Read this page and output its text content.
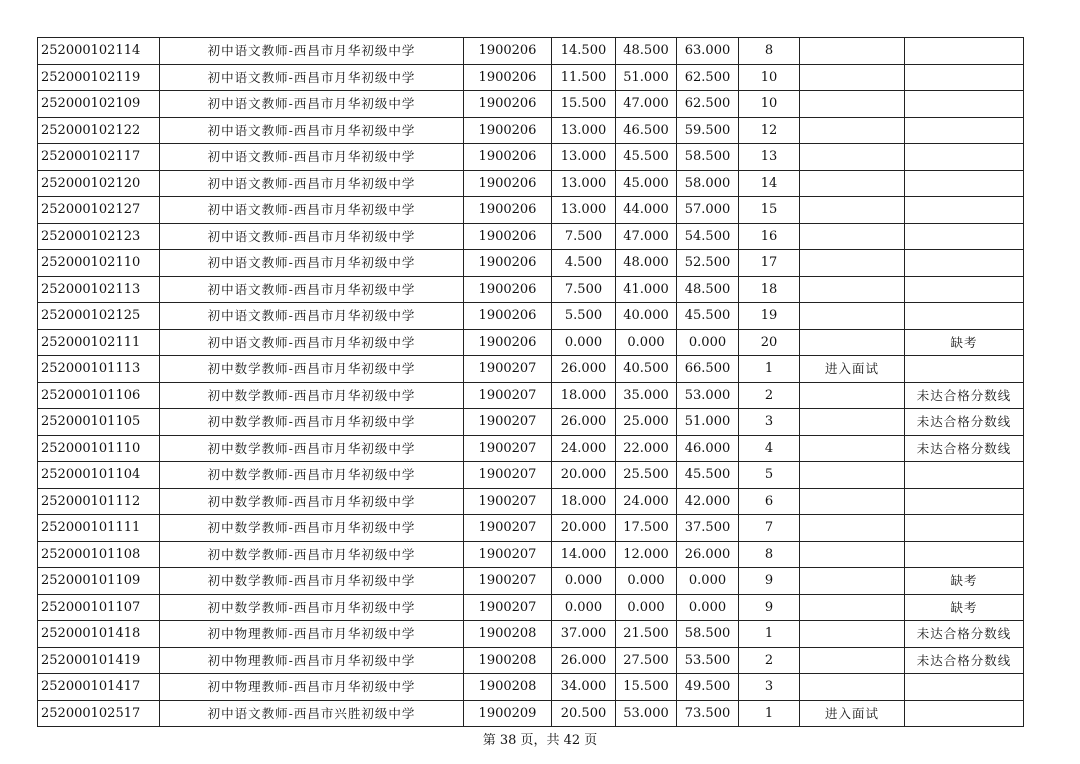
252000102114	初中语文教师-西昌市月华初级中学	1900206	14.500	48.500	63.000	8		
252000102119	初中语文教师-西昌市月华初级中学	1900206	11.500	51.000	62.500	10		
252000102109	初中语文教师-西昌市月华初级中学	1900206	15.500	47.000	62.500	10		
252000102122	初中语文教师-西昌市月华初级中学	1900206	13.000	46.500	59.500	12		
252000102117	初中语文教师-西昌市月华初级中学	1900206	13.000	45.500	58.500	13		
252000102120	初中语文教师-西昌市月华初级中学	1900206	13.000	45.000	58.000	14		
252000102127	初中语文教师-西昌市月华初级中学	1900206	13.000	44.000	57.000	15		
252000102123	初中语文教师-西昌市月华初级中学	1900206	7.500	47.000	54.500	16		
252000102110	初中语文教师-西昌市月华初级中学	1900206	4.500	48.000	52.500	17		
252000102113	初中语文教师-西昌市月华初级中学	1900206	7.500	41.000	48.500	18		
252000102125	初中语文教师-西昌市月华初级中学	1900206	5.500	40.000	45.500	19		
252000102111	初中语文教师-西昌市月华初级中学	1900206	0.000	0.000	0.000	20		缺考
252000101113	初中数学教师-西昌市月华初级中学	1900207	26.000	40.500	66.500	1	进入面试	
252000101106	初中数学教师-西昌市月华初级中学	1900207	18.000	35.000	53.000	2		未达合格分数线
252000101105	初中数学教师-西昌市月华初级中学	1900207	26.000	25.000	51.000	3		未达合格分数线
252000101110	初中数学教师-西昌市月华初级中学	1900207	24.000	22.000	46.000	4		未达合格分数线
252000101104	初中数学教师-西昌市月华初级中学	1900207	20.000	25.500	45.500	5		
252000101112	初中数学教师-西昌市月华初级中学	1900207	18.000	24.000	42.000	6		
252000101111	初中数学教师-西昌市月华初级中学	1900207	20.000	17.500	37.500	7		
252000101108	初中数学教师-西昌市月华初级中学	1900207	14.000	12.000	26.000	8		
252000101109	初中数学教师-西昌市月华初级中学	1900207	0.000	0.000	0.000	9		缺考
252000101107	初中数学教师-西昌市月华初级中学	1900207	0.000	0.000	0.000	9		缺考
252000101418	初中物理教师-西昌市月华初级中学	1900208	37.000	21.500	58.500	1		未达合格分数线
252000101419	初中物理教师-西昌市月华初级中学	1900208	26.000	27.500	53.500	2		未达合格分数线
252000101417	初中物理教师-西昌市月华初级中学	1900208	34.000	15.500	49.500	3		
252000102517	初中语文教师-西昌市兴胜初级中学	1900209	20.500	53.000	73.500	1	进入面试	
第 38 页，共 42 页
